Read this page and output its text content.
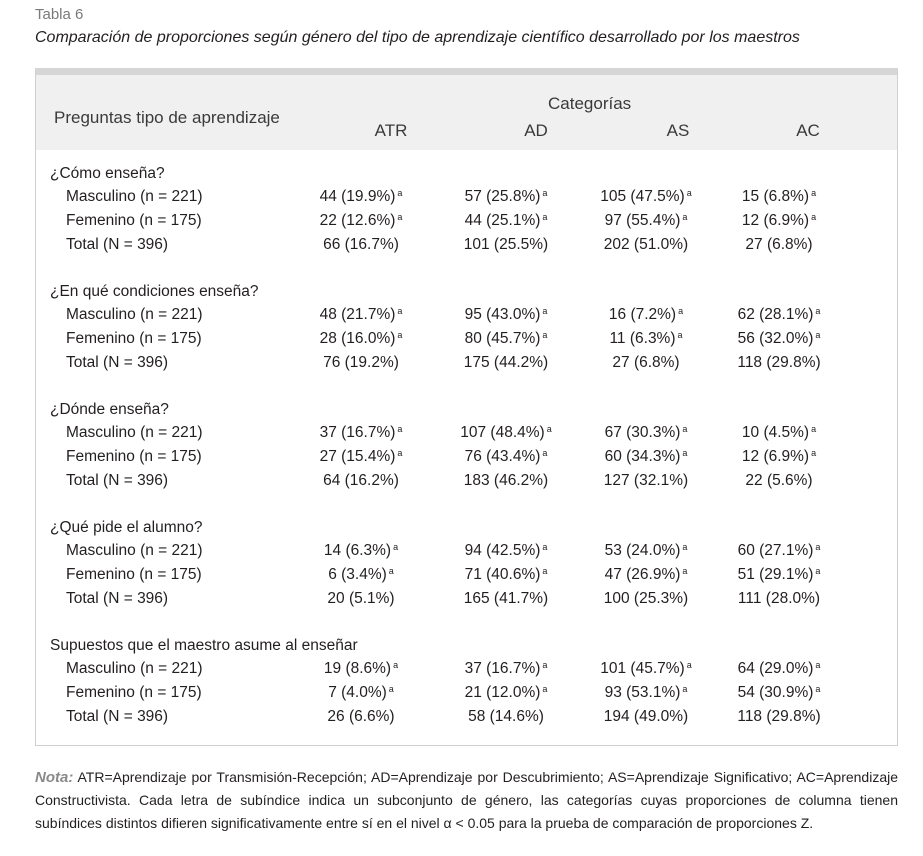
Tabla 6
Comparación de proporciones según género del tipo de aprendizaje científico desarrollado por los maestros
Preguntas tipo de aprendizaje
Categorías
ATR	AD	AS	AC
¿Cómo enseña?
Masculino (n = 221)	44 (19.9%) $^a$	57 (25.8%) $^a$	105 (47.5%) $^a$	15 (6.8%) $^a$
Femenino (n = 175)	22 (12.6%) $^a$	44 (25.1%) $^a$	97 (55.4%) $^a$	12 (6.9%) $^a$
Total (N = 396)	66 (16.7%)	101 (25.5%)	202 (51.0%)	27 (6.8%)
¿En qué condiciones enseña?
Masculino (n = 221)	48 (21.7%) $^a$	95 (43.0%) $^a$	16 (7.2%) $^a$	62 (28.1%) $^a$
Femenino (n = 175)	28 (16.0%) $^a$	80 (45.7%) $^a$	11 (6.3%) $^a$	56 (32.0%) $^a$
Total (N = 396)	76 (19.2%)	175 (44.2%)	27 (6.8%)	118 (29.8%)
¿Dónde enseña?
Masculino (n = 221)	37 (16.7%) $^a$	107 (48.4%) $^a$	67 (30.3%) $^a$	10 (4.5%) $^a$
Femenino (n = 175)	27 (15.4%) $^a$	76 (43.4%) $^a$	60 (34.3%) $^a$	12 (6.9%) $^a$
Total (N = 396)	64 (16.2%)	183 (46.2%)	127 (32.1%)	22 (5.6%)
¿Qué pide el alumno?
Masculino (n = 221)	14 (6.3%) $^a$	94 (42.5%) $^a$	53 (24.0%) $^a$	60 (27.1%) $^a$
Femenino (n = 175)	6 (3.4%) $^a$	71 (40.6%) $^a$	47 (26.9%) $^a$	51 (29.1%) $^a$
Total (N = 396)	20 (5.1%)	165 (41.7%)	100 (25.3%)	111 (28.0%)
Supuestos que el maestro asume al enseñar
Masculino (n = 221)	19 (8.6%) $^a$	37 (16.7%) $^a$	101 (45.7%) $^a$	64 (29.0%) $^a$
Femenino (n = 175)	7 (4.0%) $^a$	21 (12.0%) $^a$	93 (53.1%) $^a$	54 (30.9%) $^a$
Total (N = 396)	26 (6.6%)	58 (14.6%)	194 (49.0%)	118 (29.8%)
Nota: ATR=Aprendizaje por Transmisión-Recepción; AD=Aprendizaje por Descubrimiento; AS=Aprendizaje Significativo; AC=Aprendizaje Constructivista. Cada letra de subíndice indica un subconjunto de género, las categorías cuyas proporciones de columna tienen subíndices distintos difieren significativamente entre sí en el nivel α < 0.05 para la prueba de comparación de proporciones Z.
